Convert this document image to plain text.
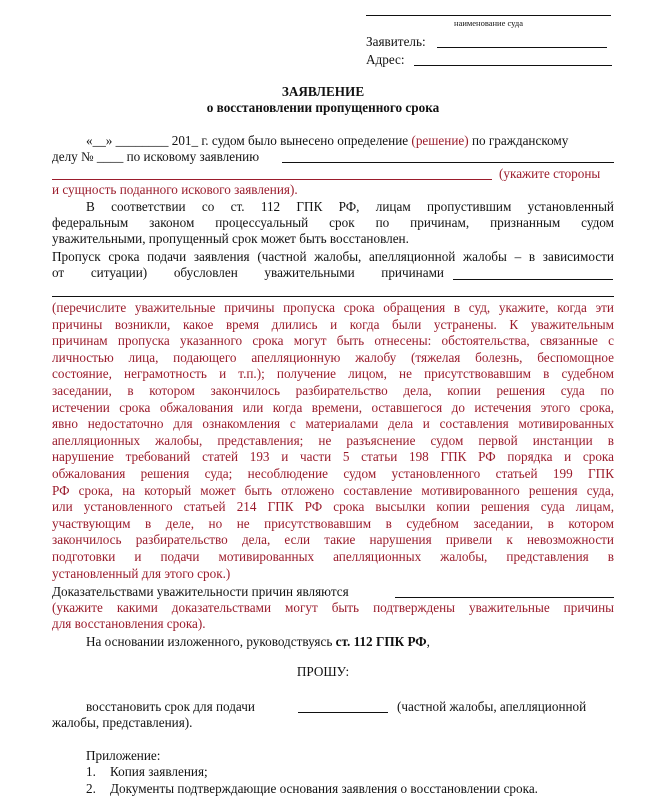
наименование суда
Заявитель:
Адрес:
ЗАЯВЛЕНИЕ
о восстановлении пропущенного срока
«__» ________ 201_ г. судом было вынесено определение (решение) по гражданскому
делу № ____ по исковому заявлению
(укажите стороны
и сущность поданного искового заявления).
В соответствии со ст. 112 ГПК РФ, лицам пропустившим установленный
федеральным законом процессуальный срок по причинам, признанным судом
уважительными, пропущенный срок может быть восстановлен.
Пропуск срока подачи заявления (частной жалобы, апелляционной жалобы – в зависимости
от ситуации) обусловлен уважительными причинами
(перечислите уважительные причины пропуска срока обращения в суд, укажите, когда эти
причины возникли, какое время длились и когда были устранены. К уважительным
причинам пропуска указанного срока могут быть отнесены: обстоятельства, связанные с
личностью лица, подающего апелляционную жалобу (тяжелая болезнь, беспомощное
состояние, неграмотность и т.п.); получение лицом, не присутствовавшим в судебном
заседании, в котором закончилось разбирательство дела, копии решения суда по
истечении срока обжалования или когда времени, оставшегося до истечения этого срока,
явно недостаточно для ознакомления с материалами дела и составления мотивированных
апелляционных жалобы, представления; не разъяснение судом первой инстанции в
нарушение требований статей 193 и части 5 статьи 198 ГПК РФ порядка и срока
обжалования решения суда; несоблюдение судом установленного статьей 199 ГПК
РФ срока, на который может быть отложено составление мотивированного решения суда,
или установленного статьей 214 ГПК РФ срока высылки копии решения суда лицам,
участвующим в деле, но не присутствовавшим в судебном заседании, в котором
закончилось разбирательство дела, если такие нарушения привели к невозможности
подготовки и подачи мотивированных апелляционных жалобы, представления в
установленный для этого срок.)
Доказательствами уважительности причин являются
(укажите какими доказательствами могут быть подтверждены уважительные причины
для восстановления срока).
На основании изложенного, руководствуясь ст. 112 ГПК РФ,
ПРОШУ:
восстановить срок для подачи	(частной жалобы, апелляционной
жалобы, представления).
Приложение:
1.	Копия заявления;
2.	Документы подтверждающие основания заявления о восстановлении срока.
